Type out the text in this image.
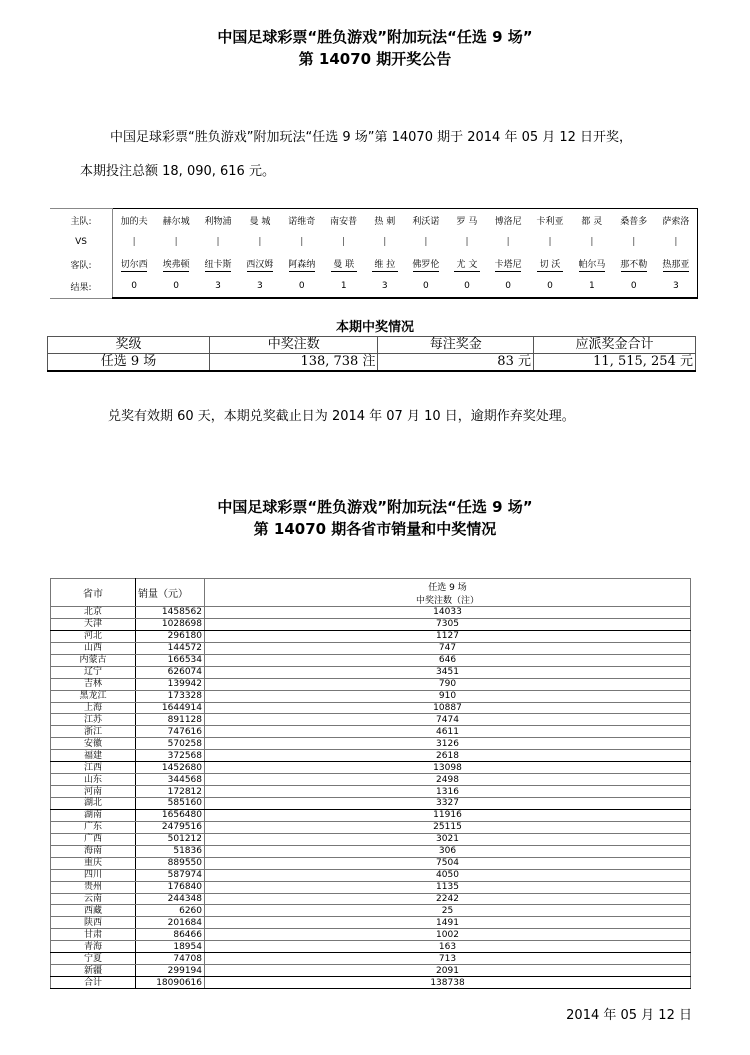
中国足球彩票“胜负游戏”附加玩法“任选 9 场”
第 14070 期开奖公告
中国足球彩票“胜负游戏”附加玩法“任选 9 场”第 14070 期于 2014 年 05 月 12 日开奖，
本期投注总额 18, 090, 616 元。
主队:	加的夫	赫尔城	利物浦	曼 城	诺维奇	南安普	热 刺	利沃诺	罗 马	博洛尼	卡利亚	都 灵	桑普多	萨索洛
VS	|	|	|	|	|	|	|	|	|	|	|	|	|	|
客队:	切尔西	埃弗顿	纽卡斯	西汉姆	阿森纳	曼 联	维 拉	佛罗伦	尤 文	卡塔尼	切 沃	帕尔马	那不勒	热那亚

结果:	0	0	3	3	0	1	3	0	0	0	0	1	0	3
本期中奖情况
奖级	中奖注数	每注奖金	应派奖金合计
任选 9 场	138, 738 注	83 元	11, 515, 254 元
兑奖有效期 60 天，本期兑奖截止日为 2014 年 07 月 10 日，逾期作弃奖处理。
中国足球彩票“胜负游戏”附加玩法“任选 9 场”
第 14070 期各省市销量和中奖情况
省市	销量（元）	任选 9 场
中奖注数（注）

北京	1458562	14033
天津	1028698	7305
河北	296180	1127
山西	144572	747
内蒙古	166534	646
辽宁	626074	3451
吉林	139942	790
黑龙江	173328	910
上海	1644914	10887
江苏	891128	7474
浙江	747616	4611
安徽	570258	3126
福建	372568	2618
江西	1452680	13098
山东	344568	2498
河南	172812	1316
湖北	585160	3327
湖南	1656480	11916
广东	2479516	25115
广西	501212	3021
海南	51836	306
重庆	889550	7504
四川	587974	4050
贵州	176840	1135
云南	244348	2242
西藏	6260	25
陕西	201684	1491
甘肃	86466	1002
青海	18954	163
宁夏	74708	713
新疆	299194	2091
合计	18090616	138738
2014 年 05 月 12 日
